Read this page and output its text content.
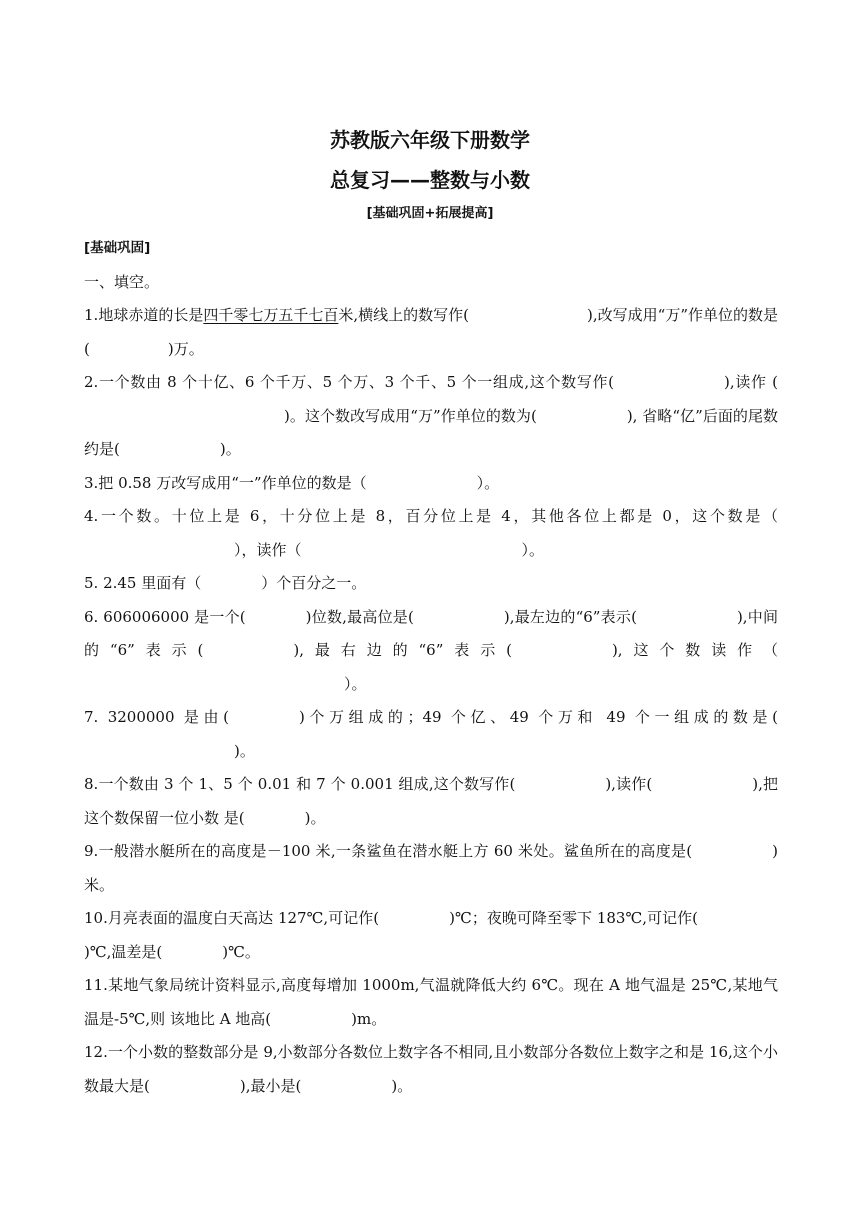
苏教版六年级下册数学
总复习——整数与小数
[基础巩固+拓展提高]
[基础巩固]
一、填空。

1.地球赤道的长是四千零七万五千七百米,横线上的数写作(	),改写成用“万”作单位的数是(	)万。

2.一个数由 8 个十亿、6 个千万、5 个万、3 个千、5 个一组成,这个数写作(	),读作 ()。这个数改写成用“万”作单位的数为(	), 省略“亿”后面的尾数约是(	)。

3.把 0.58 万改写成用“一”作单位的数是（	）。

4.一个数。十位上是 6，十分位上是 8，百分位上是 4，其他各位上都是 0，这个数是（），读作（	）。

5. 2.45 里面有（	）个百分之一。

6. 606006000 是一个(	)位数,最高位是(	),最左边的“6”表示(	),中间的“6”表示(	),最右边的“6”表示(	),这个数读作（）。

7. 3200000 是由(	)个万组成的；49 个亿、49 个万和 49 个一组成的数是()。

8.一个数由 3 个 1、5 个 0.01 和 7 个 0.001 组成,这个数写作(	),读作(	),把这个数保留一位小数 是(	)。

9.一般潜水艇所在的高度是－100 米,一条鲨鱼在潜水艇上方 60 米处。鲨鱼所在的高度是(	)米。

10.月亮表面的温度白天高达 127℃,可记作(	)℃；夜晚可降至零下 183℃,可记作()℃,温差是(	)℃。

11.某地气象局统计资料显示,高度每增加 1000m,气温就降低大约 6℃。现在 A 地气温是 25℃,某地气温是-5℃,则 该地比 A 地高(	)m。

12.一个小数的整数部分是 9,小数部分各数位上数字各不相同,且小数部分各数位上数字之和是 16,这个小数最大是(	),最小是(	)。
